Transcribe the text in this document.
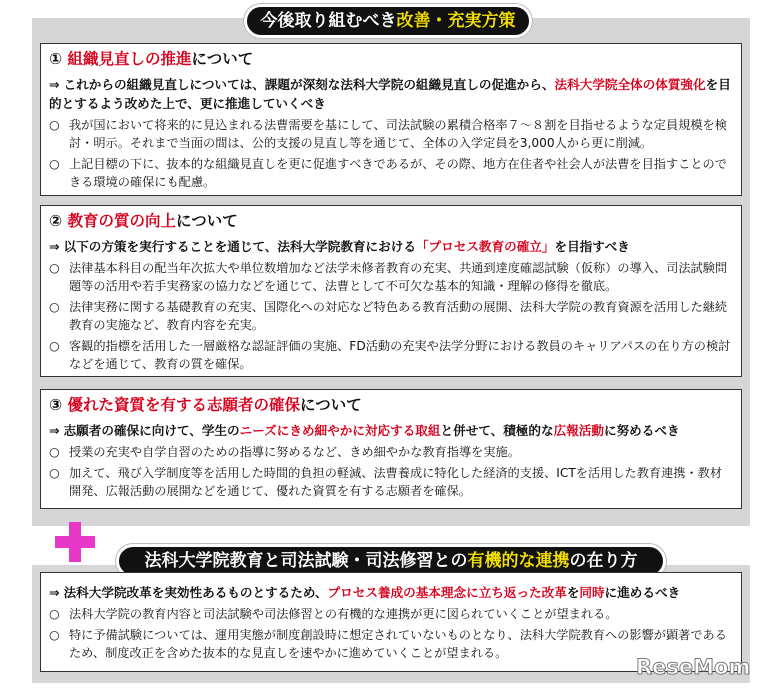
今後取り組むべき改善・充実方策
① 組織見直しの推進について
⇒ これからの組織見直しについては、課題が深刻な法科大学院の組織見直しの促進から、法科大学院全体の体質強化を目的とするよう改めた上で、更に推進していくべき
○ 我が国において将来的に見込まれる法曹需要を基にして、司法試験の累積合格率７～８割を目指せるような定員規模を検討・明示。それまで当面の間は、公的支援の見直し等を通じて、全体の入学定員を3,000人から更に削減。
○ 上記目標の下に、抜本的な組織見直しを更に促進すべきであるが、その際、地方在住者や社会人が法曹を目指すことのできる環境の確保にも配慮。
② 教育の質の向上について
⇒ 以下の方策を実行することを通じて、法科大学院教育における「プロセス教育の確立」を目指すべき
○ 法律基本科目の配当年次拡大や単位数増加など法学未修者教育の充実、共通到達度確認試験（仮称）の導入、司法試験問題等の活用や若手実務家の協力などを通じて、法曹として不可欠な基本的知識・理解の修得を徹底。
○ 法律実務に関する基礎教育の充実、国際化への対応など特色ある教育活動の展開、法科大学院の教育資源を活用した継続教育の実施など、教育内容を充実。
○ 客観的指標を活用した一層厳格な認証評価の実施、FD活動の充実や法学分野における教員のキャリアパスの在り方の検討などを通じて、教育の質を確保。
③ 優れた資質を有する志願者の確保について
⇒ 志願者の確保に向けて、学生のニーズにきめ細やかに対応する取組と併せて、積極的な広報活動に努めるべき
○ 授業の充実や自学自習のための指導に努めるなど、きめ細やかな教育指導を実施。
○ 加えて、飛び入学制度等を活用した時間的負担の軽減、法曹養成に特化した経済的支援、ICTを活用した教育連携・教材開発、広報活動の展開などを通じて、優れた資質を有する志願者を確保。
法科大学院教育と司法試験・司法修習との有機的な連携の在り方
⇒ 法科大学院改革を実効性あるものとするため、プロセス養成の基本理念に立ち返った改革を同時に進めるべき
○ 法科大学院の教育内容と司法試験や司法修習との有機的な連携が更に図られていくことが望まれる。
○ 特に予備試験については、運用実態が制度創設時に想定されていないものとなり、法科大学院教育への影響が顕著であるため、制度改正を含めた抜本的な見直しを速やかに進めていくことが望まれる。
ReseMom
